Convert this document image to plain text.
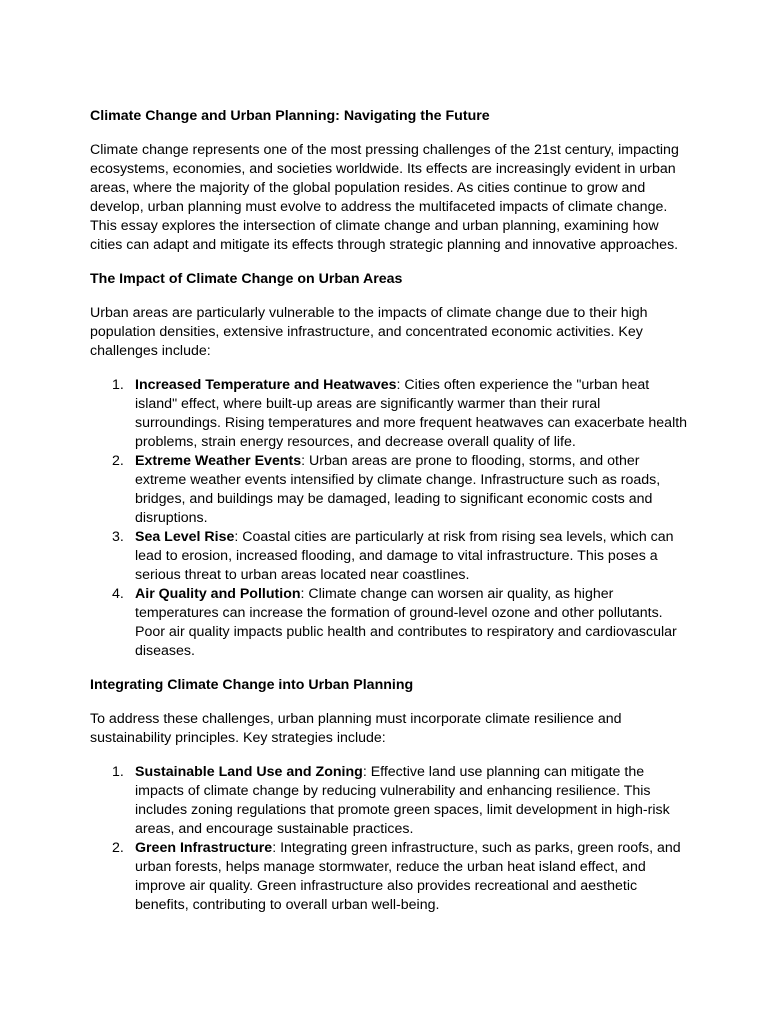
Climate Change and Urban Planning: Navigating the Future

Climate change represents one of the most pressing challenges of the 21st century, impacting ecosystems, economies, and societies worldwide. Its effects are increasingly evident in urban areas, where the majority of the global population resides. As cities continue to grow and develop, urban planning must evolve to address the multifaceted impacts of climate change. This essay explores the intersection of climate change and urban planning, examining how cities can adapt and mitigate its effects through strategic planning and innovative approaches.

The Impact of Climate Change on Urban Areas

Urban areas are particularly vulnerable to the impacts of climate change due to their high population densities, extensive infrastructure, and concentrated economic activities. Key challenges include:

1. Increased Temperature and Heatwaves: Cities often experience the "urban heat island" effect, where built-up areas are significantly warmer than their rural surroundings. Rising temperatures and more frequent heatwaves can exacerbate health problems, strain energy resources, and decrease overall quality of life.
2. Extreme Weather Events: Urban areas are prone to flooding, storms, and other extreme weather events intensified by climate change. Infrastructure such as roads, bridges, and buildings may be damaged, leading to significant economic costs and disruptions.
3. Sea Level Rise: Coastal cities are particularly at risk from rising sea levels, which can lead to erosion, increased flooding, and damage to vital infrastructure. This poses a serious threat to urban areas located near coastlines.
4. Air Quality and Pollution: Climate change can worsen air quality, as higher temperatures can increase the formation of ground-level ozone and other pollutants. Poor air quality impacts public health and contributes to respiratory and cardiovascular diseases.
Integrating Climate Change into Urban Planning

To address these challenges, urban planning must incorporate climate resilience and sustainability principles. Key strategies include:

1. Sustainable Land Use and Zoning: Effective land use planning can mitigate the impacts of climate change by reducing vulnerability and enhancing resilience. This includes zoning regulations that promote green spaces, limit development in high-risk areas, and encourage sustainable practices.
2. Green Infrastructure: Integrating green infrastructure, such as parks, green roofs, and urban forests, helps manage stormwater, reduce the urban heat island effect, and improve air quality. Green infrastructure also provides recreational and aesthetic benefits, contributing to overall urban well-being.
